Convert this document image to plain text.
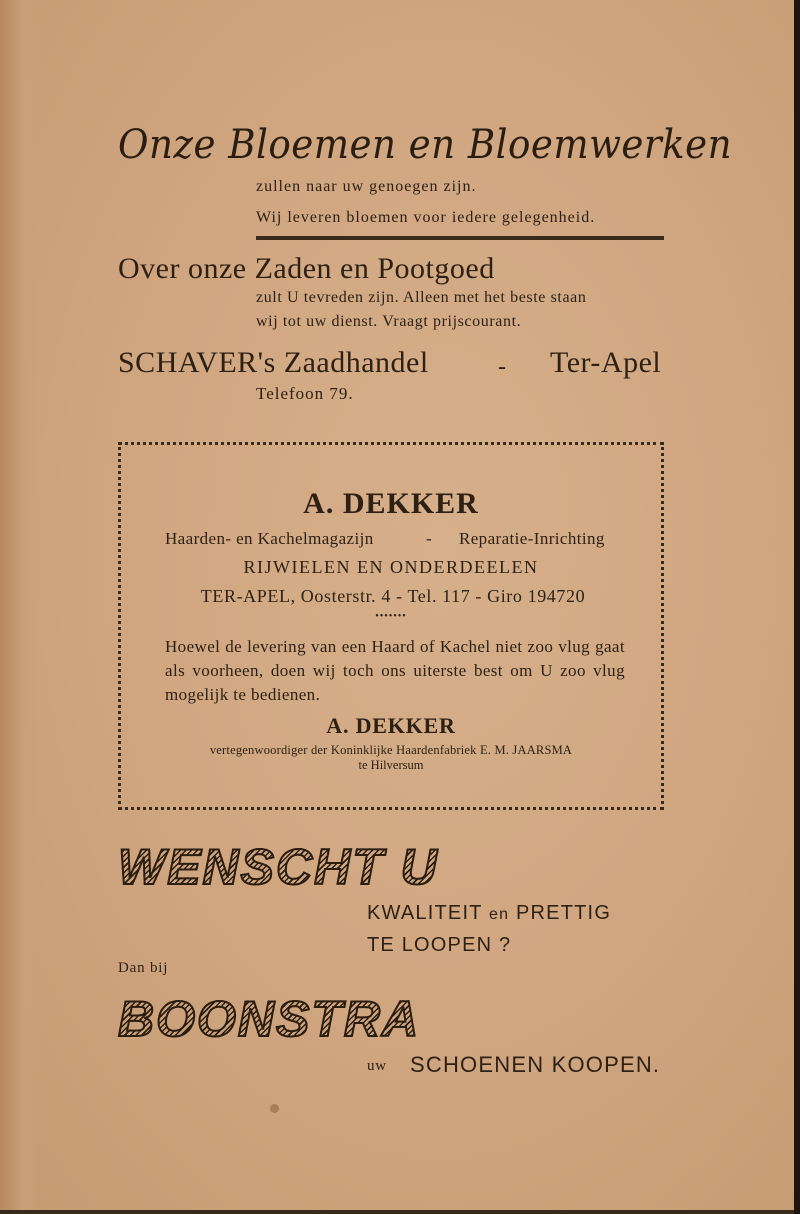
Onze Bloemen en Bloemwerken
zullen naar uw genoegen zijn.
Wij leveren bloemen voor iedere gelegenheid.
Over onze Zaden en Pootgoed
zult U tevreden zijn. Alleen met het beste staan
wij tot uw dienst. Vraagt prijscourant.
SCHAVER's Zaadhandel	- Ter-Apel
Telefoon 79.
A. DEKKER
Haarden- en Kachelmagazijn	- Reparatie-Inrichting
RIJWIELEN EN ONDERDEELEN
TER-APEL, Oosterstr. 4 - Tel. 117 - Giro 194720
•••••••
Hoewel de levering van een Haard of Kachel niet zoo vlug gaat als voorheen, doen wij toch ons uiterste best om U zoo vlug mogelijk te bedienen.
A. DEKKER
vertegenwoordiger der Koninklijke Haardenfabriek E. M. JAARSMA
te Hilversum
WENSCHT U
KWALITEIT en PRETTIG
TE LOOPEN ?
Dan bij
BOONSTRA
uw SCHOENEN KOOPEN.
